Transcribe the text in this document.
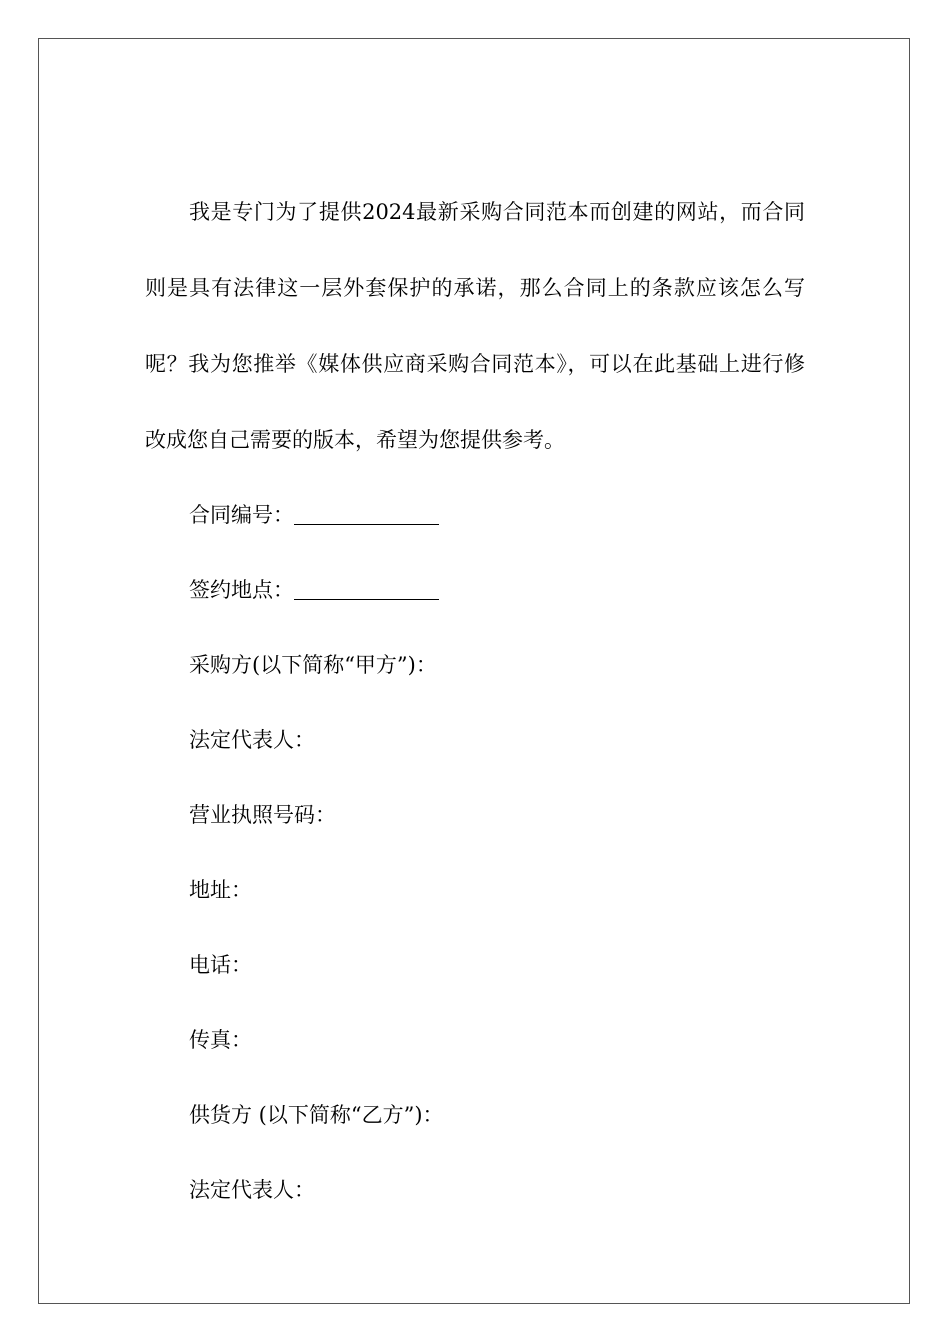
我是专门为了提供2024最新采购合同范本而创建的网站，而合同则是具有法律这一层外套保护的承诺，那么合同上的条款应该怎么写呢？我为您推举《媒体供应商采购合同范本》，可以在此基础上进行修改成您自己需要的版本，希望为您提供参考。

合同编号：
签约地点：
采购方(以下简称“甲方”)：
法定代表人：
营业执照号码：
地址：
电话：
传真：
供货方 (以下简称“乙方”)：
法定代表人：
